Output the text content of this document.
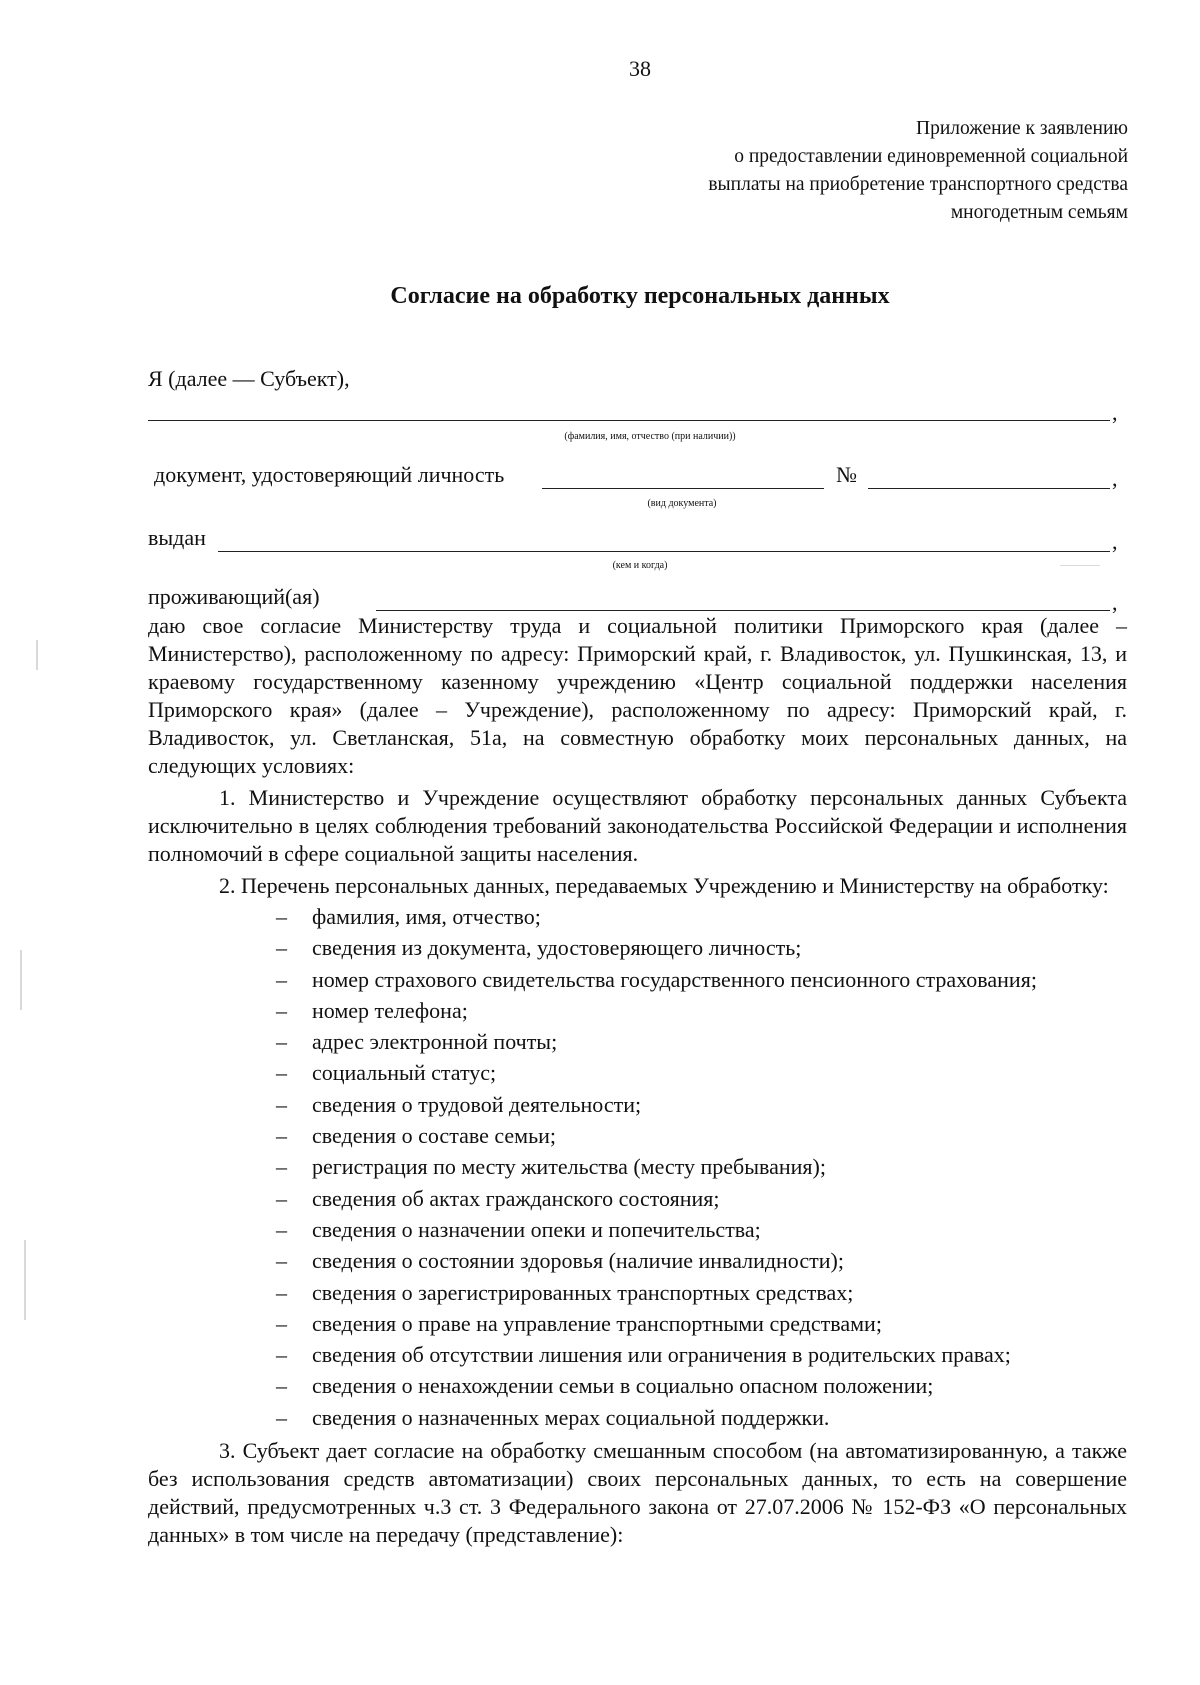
38
Приложение к заявлению
о предоставлении единовременной социальной
выплаты на приобретение транспортного средства
многодетным семьям
Согласие на обработку персональных данных
Я (далее — Субъект),
,
(фамилия, имя, отчество (при наличии))
документ, удостоверяющий личность	№	,
(вид документа)
выдан	,
(кем и когда)
проживающий(ая)	,

даю свое согласие Министерству труда и социальной политики Приморского края (далее – Министерство), расположенному по адресу: Приморский край, г. Владивосток, ул. Пушкинская, 13, и краевому государственному казенному учреждению «Центр социальной поддержки населения Приморского края» (далее – Учреждение), расположенному по адресу: Приморский край, г. Владивосток, ул. Светланская, 51а, на совместную обработку моих персональных данных, на следующих условиях:

1. Министерство и Учреждение осуществляют обработку персональных данных Субъекта исключительно в целях соблюдения требований законодательства Российской Федерации и исполнения полномочий в сфере социальной защиты населения.

2. Перечень персональных данных, передаваемых Учреждению и Министерству на обработку:

– фамилия, имя, отчество;
– сведения из документа, удостоверяющего личность;
– номер страхового свидетельства государственного пенсионного страхования;
– номер телефона;
– адрес электронной почты;
– социальный статус;
– сведения о трудовой деятельности;
– сведения о составе семьи;
– регистрация по месту жительства (месту пребывания);
– сведения об актах гражданского состояния;
– сведения о назначении опеки и попечительства;
– сведения о состоянии здоровья (наличие инвалидности);
– сведения о зарегистрированных транспортных средствах;
– сведения о праве на управление транспортными средствами;
– сведения об отсутствии лишения или ограничения в родительских правах;
– сведения о ненахождении семьи в социально опасном положении;
– сведения о назначенных мерах социальной поддержки.

3. Субъект дает согласие на обработку смешанным способом (на автоматизированную, а также без использования средств автоматизации) своих персональных данных, то есть на совершение действий, предусмотренных ч.3 ст. 3 Федерального закона от 27.07.2006 № 152-ФЗ «О персональных данных» в том числе на передачу (представление):
